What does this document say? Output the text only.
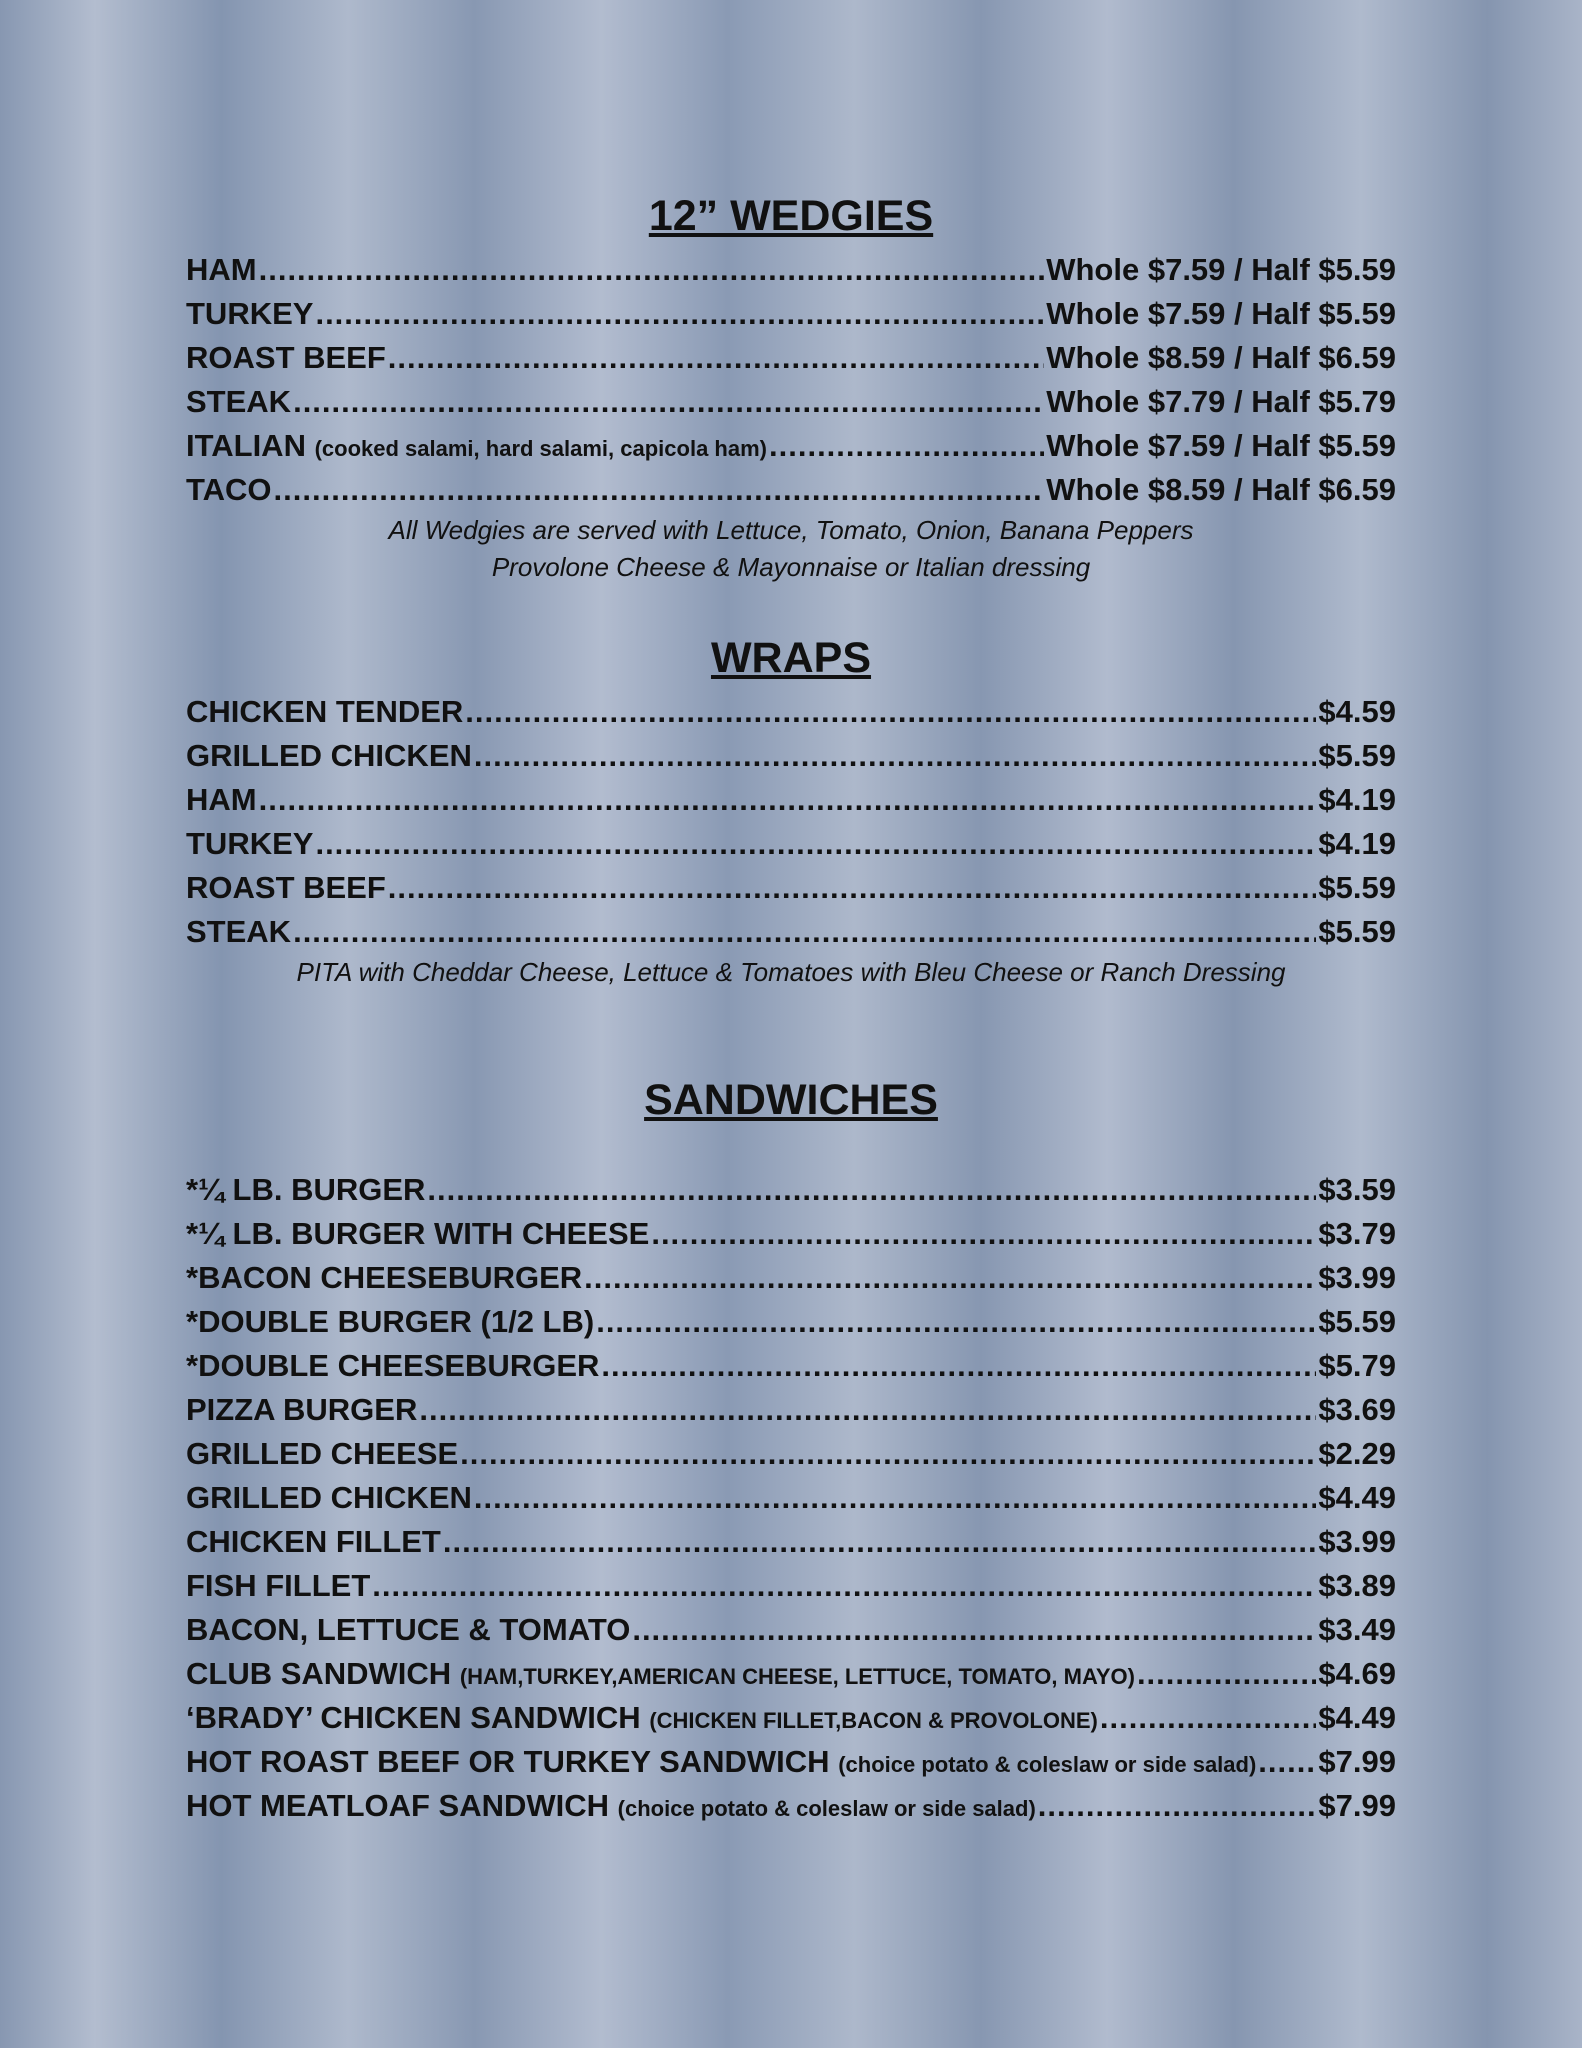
12” WEDGIES
HAM .....	Whole $7.59 / Half $5.59
TURKEY .....	Whole $7.59 / Half $5.59
ROAST BEEF .....	Whole $8.59 / Half $6.59
STEAK .....	Whole $7.79 / Half $5.79
ITALIAN
(cooked salami, hard salami, capicola ham) .....	Whole $7.59 / Half $5.59
TACO .....	Whole $8.59 / Half $6.59
All Wedgies are served with Lettuce, Tomato, Onion, Banana Peppers
Provolone Cheese & Mayonnaise or Italian dressing
WRAPS
CHICKEN TENDER .....	$4.59
GRILLED CHICKEN .....	$5.59
HAM .....	$4.19
TURKEY .....	$4.19
ROAST BEEF .....	$5.59
STEAK .....	$5.59
PITA with Cheddar Cheese, Lettuce & Tomatoes with Bleu Cheese or Ranch Dressing
SANDWICHES
*¼ LB. BURGER .....	$3.59
*¼ LB. BURGER WITH CHEESE .....	$3.79
*BACON CHEESEBURGER .....	$3.99
*DOUBLE BURGER (1/2 LB) .....	$5.59
*DOUBLE CHEESEBURGER .....	$5.79
PIZZA BURGER .....	$3.69
GRILLED CHEESE .....	$2.29
GRILLED CHICKEN .....	$4.49
CHICKEN FILLET .....	$3.99
FISH FILLET .....	$3.89
BACON, LETTUCE & TOMATO .....	$3.49
CLUB SANDWICH
(HAM,TURKEY,AMERICAN CHEESE, LETTUCE, TOMATO, MAYO) .....	$4.69
‘BRADY’ CHICKEN SANDWICH
(CHICKEN FILLET,BACON & PROVOLONE) .....	$4.49
HOT ROAST BEEF OR TURKEY SANDWICH
(choice potato & coleslaw or side salad) ..... $7.99
HOT MEATLOAF SANDWICH
(choice potato & coleslaw or side salad) .....	$7.99
